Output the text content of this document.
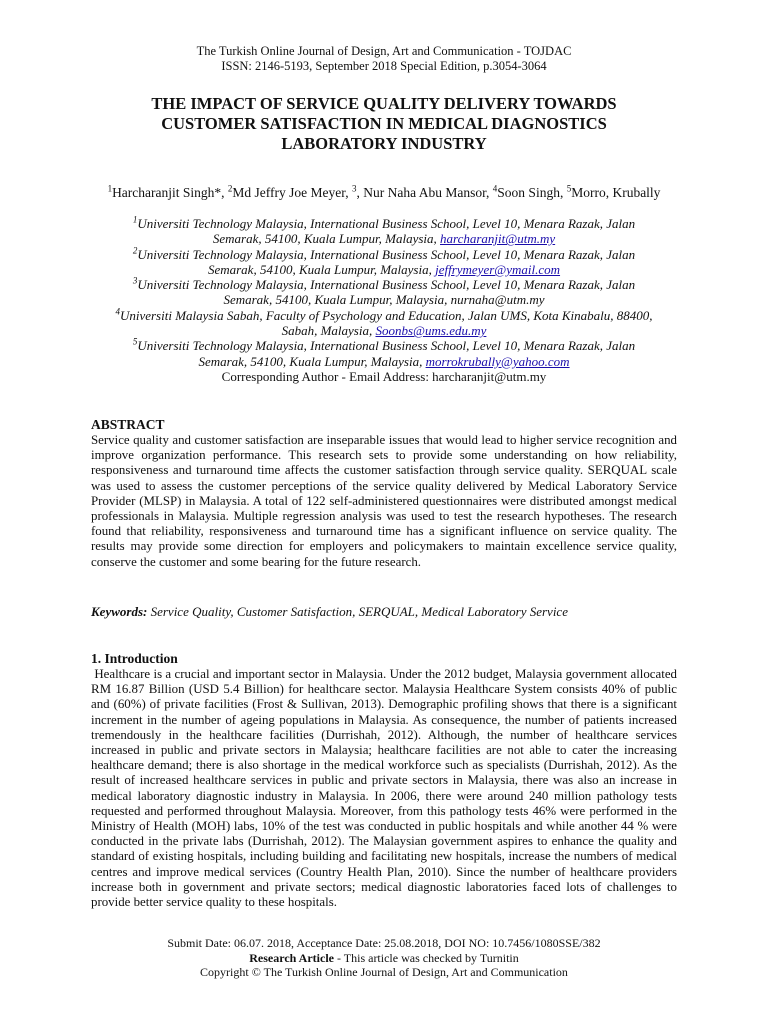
The Turkish Online Journal of Design, Art and Communication - TOJDAC
ISSN: 2146-5193, September 2018 Special Edition, p.3054-3064
THE IMPACT OF SERVICE QUALITY DELIVERY TOWARDS
CUSTOMER SATISFACTION IN MEDICAL DIAGNOSTICS
LABORATORY INDUSTRY
$^1$Harcharanjit Singh*, $^2$Md Jeffry Joe Meyer, $^3$, Nur Naha Abu Mansor, $^4$Soon Singh, $^5$Morro, Krubally
$^1$Universiti Technology Malaysia, International Business School, Level 10, Menara Razak, Jalan
Semarak, 54100, Kuala Lumpur, Malaysia, harcharanjit@utm.my
$^2$Universiti Technology Malaysia, International Business School, Level 10, Menara Razak, Jalan
Semarak, 54100, Kuala Lumpur, Malaysia, jeffrymeyer@ymail.com
$^3$Universiti Technology Malaysia, International Business School, Level 10, Menara Razak, Jalan
Semarak, 54100, Kuala Lumpur, Malaysia, nurnaha@utm.my
$^4$Universiti Malaysia Sabah, Faculty of Psychology and Education, Jalan UMS, Kota Kinabalu, 88400,
Sabah, Malaysia, Soonbs@ums.edu.my
$^5$Universiti Technology Malaysia, International Business School, Level 10, Menara Razak, Jalan
Semarak, 54100, Kuala Lumpur, Malaysia, morrokrubally@yahoo.com
Corresponding Author - Email Address: harcharanjit@utm.my
ABSTRACT
Service quality and customer satisfaction are inseparable issues that would lead to higher service recognition and improve organization performance. This research sets to provide some understanding on how reliability, responsiveness and turnaround time affects the customer satisfaction through service quality. SERQUAL scale was used to assess the customer perceptions of the service quality delivered by Medical Laboratory Service Provider (MLSP) in Malaysia. A total of 122 self-administered questionnaires were distributed amongst medical professionals in Malaysia. Multiple regression analysis was used to test the research hypotheses. The research found that reliability, responsiveness and turnaround time has a significant influence on service quality. The results may provide some direction for employers and policymakers to maintain excellence service quality, conserve the customer and some bearing for the future research.
Keywords: Service Quality, Customer Satisfaction, SERQUAL, Medical Laboratory Service
1. Introduction
Healthcare is a crucial and important sector in Malaysia. Under the 2012 budget, Malaysia government allocated RM 16.87 Billion (USD 5.4 Billion) for healthcare sector. Malaysia Healthcare System consists 40% of public and (60%) of private facilities (Frost & Sullivan, 2013). Demographic profiling shows that there is a significant increment in the number of ageing populations in Malaysia. As consequence, the number of patients increased tremendously in the healthcare facilities (Durrishah, 2012). Although, the number of healthcare services increased in public and private sectors in Malaysia; healthcare facilities are not able to cater the increasing healthcare demand; there is also shortage in the medical workforce such as specialists (Durrishah, 2012). As the result of increased healthcare services in public and private sectors in Malaysia, there was also an increase in medical laboratory diagnostic industry in Malaysia. In 2006, there were around 240 million pathology tests requested and performed throughout Malaysia. Moreover, from this pathology tests 46% were performed in the Ministry of Health (MOH) labs, 10% of the test was conducted in public hospitals and while another 44 % were conducted in the private labs (Durrishah, 2012). The Malaysian government aspires to enhance the quality and standard of existing hospitals, including building and facilitating new hospitals, increase the numbers of medical centres and improve medical services (Country Health Plan, 2010). Since the number of healthcare providers increase both in government and private sectors; medical diagnostic laboratories faced lots of challenges to provide better service quality to these hospitals.
Submit Date: 06.07. 2018, Acceptance Date: 25.08.2018, DOI NO: 10.7456/1080SSE/382
Research Article - This article was checked by Turnitin
Copyright © The Turkish Online Journal of Design, Art and Communication
